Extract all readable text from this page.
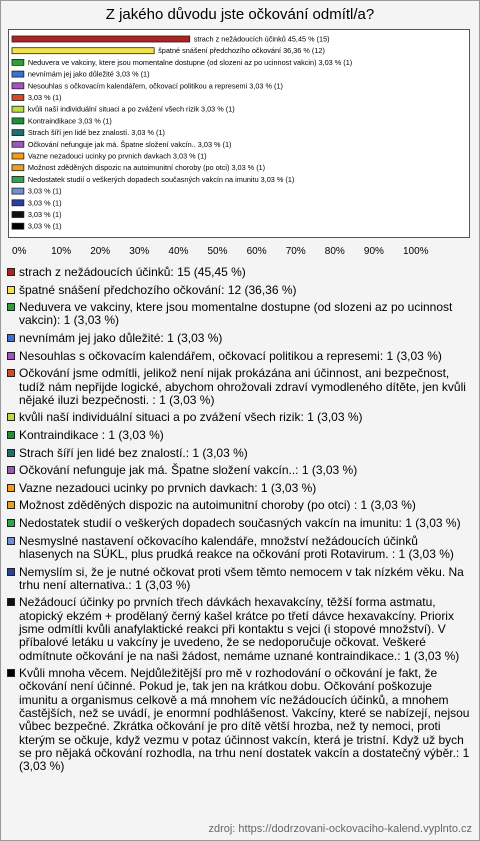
Z jakého důvodu jste očkování odmítl/a?
strach z nežádoucích účinků 45,45 % (15)
špatné snášení předchozího očkování 36,36 % (12)
Neduvera ve vakciny, ktere jsou momentalne dostupne (od slozeni az po ucinnost vakcin) 3,03 % (1)
nevnímám jej jako důležité 3,03 % (1)
Nesouhlas s očkovacím kalendářem, očkovací politikou a represemi 3,03 % (1)
3,03 % (1)
kvůli naší individuální situaci a po zvážení všech rizik 3,03 % (1)
Kontraindikace 3,03 % (1)
Strach šíří jen lidé bez znalostí. 3,03 % (1)
Očkování nefunguje jak má. Špatne složení vakcín.. 3,03 % (1)
Vazne nezadouci ucinky po prvnich davkach 3,03 % (1)
Možnost zděděných dispozic na autoimunitní choroby (po otci) 3,03 % (1)
Nedostatek studií o veškerých dopadech současných vakcín na imunitu 3,03 % (1)
3,03 % (1)
3,03 % (1)
3,03 % (1)
3,03 % (1)
0% 10% 20% 30% 40% 50% 60% 70% 80% 90% 100%
strach z nežádoucích účinků: 15 (45,45 %)
špatné snášení předchozího očkování: 12 (36,36 %)
Neduvera ve vakciny, ktere jsou momentalne dostupne (od slozeni az po ucinnost vakcin): 1 (3,03 %)
nevnímám jej jako důležité: 1 (3,03 %)
Nesouhlas s očkovacím kalendářem, očkovací politikou a represemi: 1 (3,03 %)
Očkování jsme odmítli, jelikož není nijak prokázána ani účinnost, ani bezpečnost, tudíž nám nepřijde logické, abychom ohrožovali zdraví vymodleného dítěte, jen kvůli nějaké iluzi bezpečnosti. : 1 (3,03 %)
kvůli naší individuální situaci a po zvážení všech rizik: 1 (3,03 %)
Kontraindikace : 1 (3,03 %)
Strach šíří jen lidé bez znalostí.: 1 (3,03 %)
Očkování nefunguje jak má. Špatne složení vakcín..: 1 (3,03 %)
Vazne nezadouci ucinky po prvnich davkach: 1 (3,03 %)
Možnost zděděných dispozic na autoimunitní choroby (po otci) : 1 (3,03 %)
Nedostatek studií o veškerých dopadech současných vakcín na imunitu: 1 (3,03 %)
Nesmyslné nastavení očkovacího kalendáře, množství nežádoucích účinků hlasenych na SÚKL, plus prudká reakce na očkování proti Rotavirum. : 1 (3,03 %)
Nemyslím si, že je nutné očkovat proti všem těmto nemocem v tak nízkém věku. Na trhu není alternativa.: 1 (3,03 %)
Nežádoucí účinky po prvních třech dávkách hexavakcíny, těžší forma astmatu, atopický ekzém + prodělaný černý kašel krátce po třetí dávce hexavakcíny. Priorix jsme odmítli kvůli anafylaktické reakci při kontaktu s vejci (i stopové množství). V příbalové letáku u vakcíny je uvedeno, že se nedoporučuje očkovat. Veškeré odmítnute očkování je na naši žádost, nemáme uznané kontraindikace.: 1 (3,03 %)
Kvůli mnoha věcem. Nejdůležitější pro mě v rozhodování o očkování je fakt, že očkování není účinné. Pokud je, tak jen na krátkou dobu. Očkování poškozuje imunitu a organismus celkově a má mnohem víc nežádoucích účinků, a mnohem častějších, než se uvádí, je enormní podhlášenost. Vakcíny, které se nabízejí, nejsou vůbec bezpečné. Zkrátka očkování je pro dítě větší hrozba, než ty nemoci, proti kterým se očkuje, když vezmu v potaz účinnost vakcín, která je tristní. Když už bych se pro nějaká očkování rozhodla, na trhu není dostatek vakcín a dostatečný výběr.: 1 (3,03 %)
zdroj: https://dodrzovani-ockovaciho-kalend.vyplnto.cz
